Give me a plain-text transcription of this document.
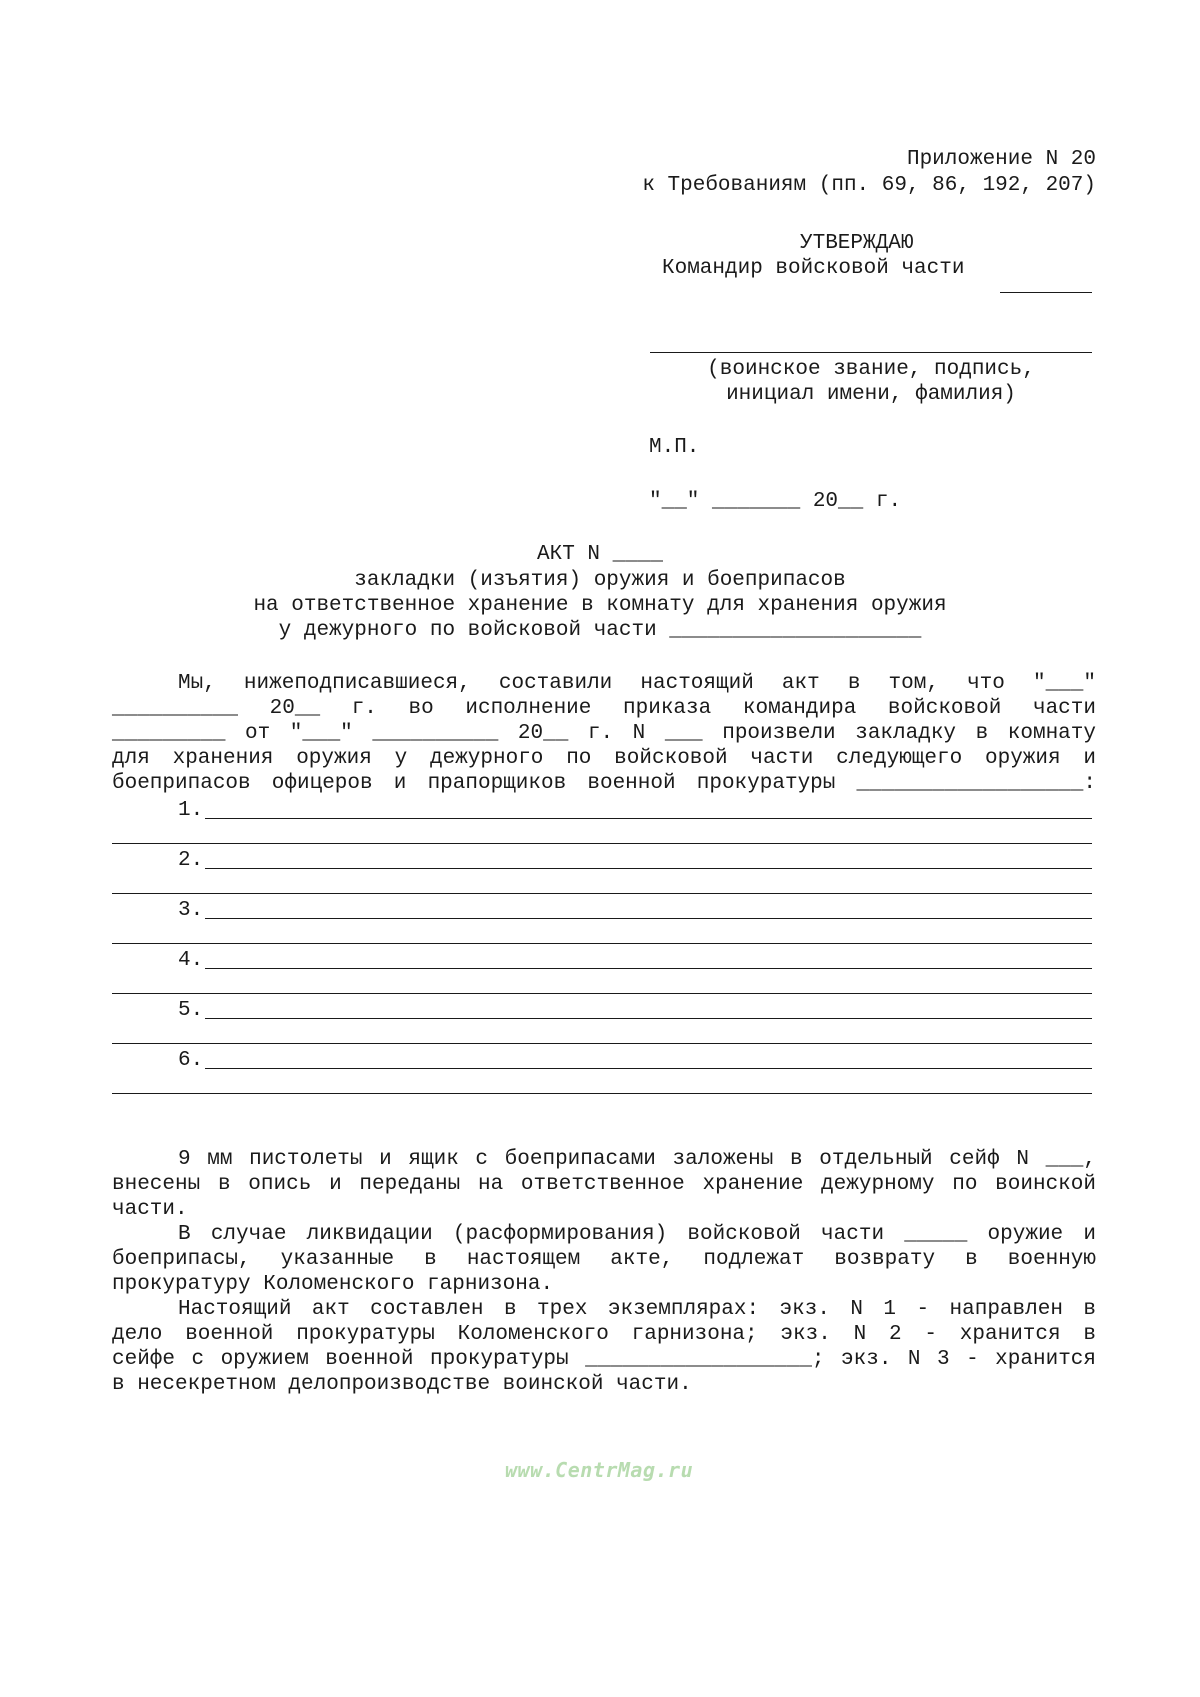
Приложение N 20

к Требованиям (пп. 69, 86, 192, 207)

УТВЕРЖДАЮ

Командир войсковой части

(воинское звание, подпись,

инициал имени, фамилия)

М.П.

"__" _______ 20__ г.

АКТ N ____

закладки (изъятия) оружия и боеприпасов

на ответственное хранение в комнату для хранения оружия

у дежурного по войсковой части ____________________

Мы, нижеподписавшиеся, составили настоящий акт в том, что "___"

__________ 20__ г. во исполнение приказа командира войсковой части

_________ от "___" __________ 20__ г. N ___ произвели закладку в комнату

для хранения оружия у дежурного по войсковой части следующего оружия и

боеприпасов офицеров и прапорщиков военной прокуратуры __________________:

1.

2.

3.

4.

5.

6.

9 мм пистолеты и ящик с боеприпасами заложены в отдельный сейф N ___,

внесены в опись и переданы на ответственное хранение дежурному по воинской

части.

В случае ликвидации (расформирования) войсковой части _____ оружие и

боеприпасы, указанные в настоящем акте, подлежат возврату в военную

прокуратуру Коломенского гарнизона.

Настоящий акт составлен в трех экземплярах: экз. N 1 - направлен в

дело военной прокуратуры Коломенского гарнизона; экз. N 2 - хранится в

сейфе с оружием военной прокуратуры __________________; экз. N 3 - хранится

в несекретном делопроизводстве воинской части.

www.CentrMag.ru
